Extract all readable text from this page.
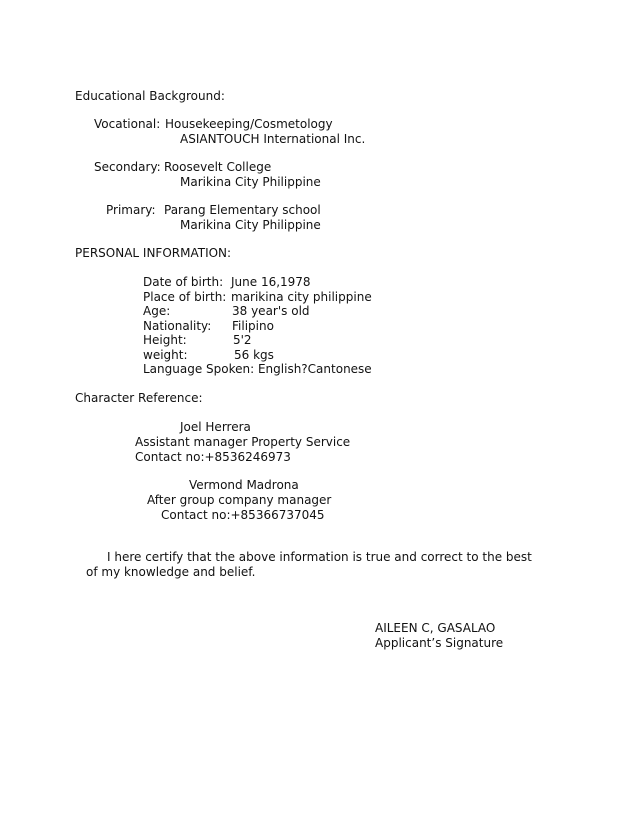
Educational Background:
Vocational: Housekeeping/Cosmetology
ASIANTOUCH International Inc.
Secondary: Roosevelt College
Marikina City Philippine
Primary: Parang Elementary school
Marikina City Philippine
PERSONAL INFORMATION:
Date of birth: June 16,1978
Place of birth: marikina city philippine
Age:	38 year's old
Nationality: Filipino
Height:	5'2
weight:	56 kgs
Language Spoken: English?Cantonese
Character Reference:
Joel Herrera
Assistant manager Property Service
Contact no:+8536246973
Vermond Madrona
After group company manager
Contact no:+85366737045
I here certify that the above information is true and correct to the best
of my knowledge and belief.
AILEEN C, GASALAO
Applicant’s Signature
